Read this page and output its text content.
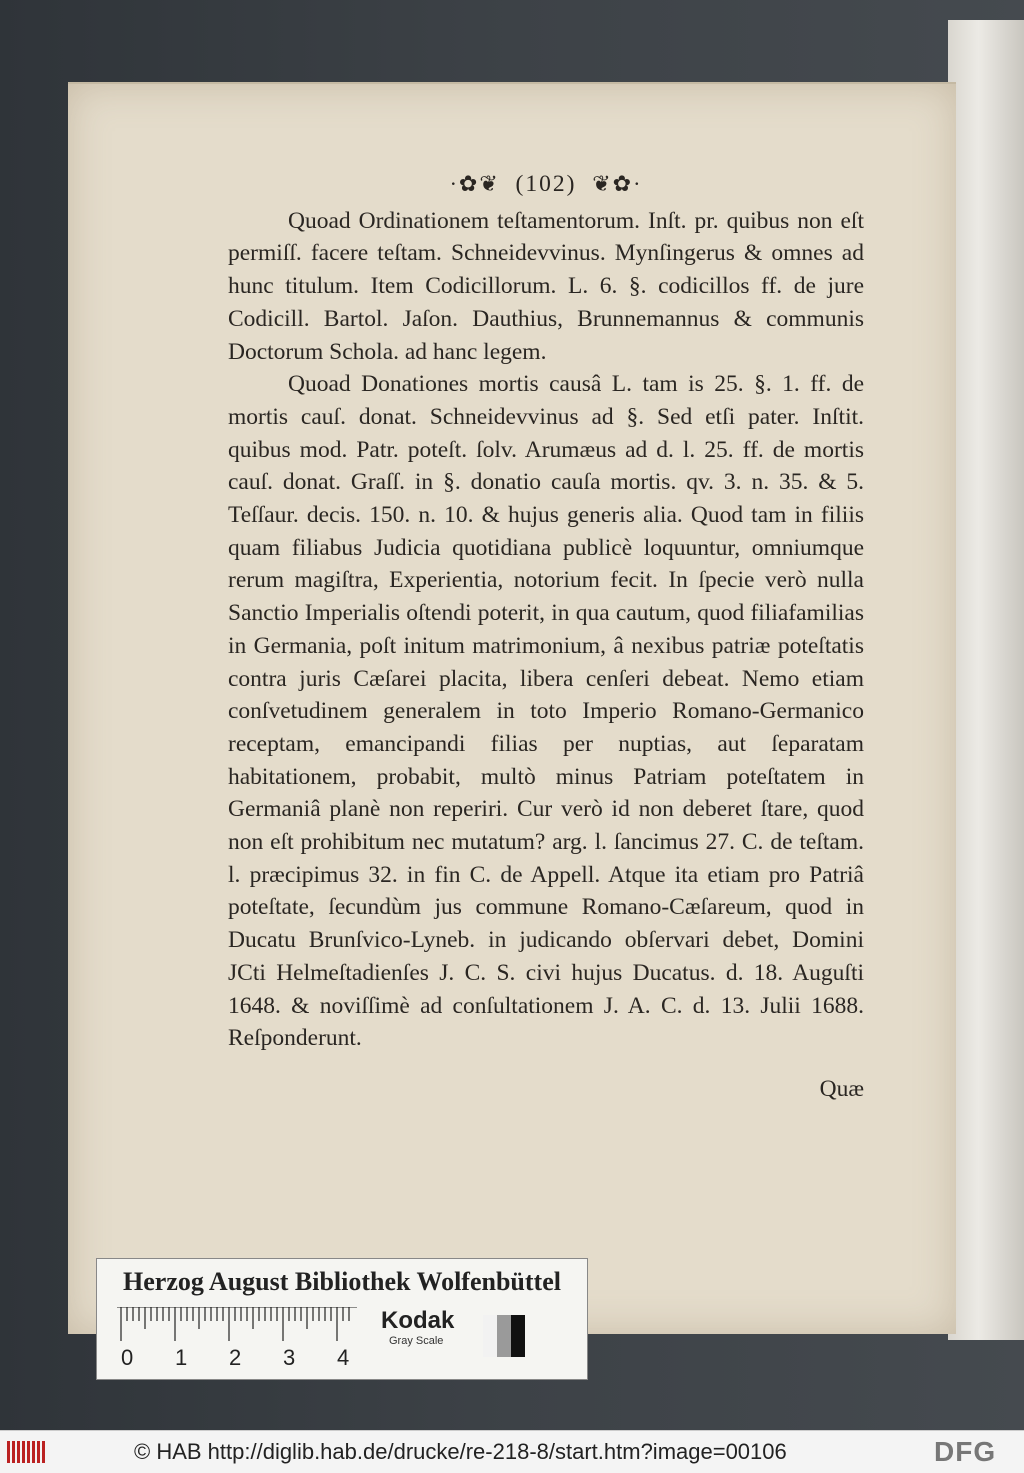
·✿❦ (102) ❦✿·

Quoad Ordinationem teſtamentorum. Inſt. pr. quibus non eſt permiſſ. facere teſtam. Schneidevvinus. Mynſingerus & omnes ad hunc titulum. Item Codicillorum. L. 6. §. codicillos ff. de jure Codicill. Bartol. Jaſon. Dauthius, Brunnemannus & communis Doctorum Schola. ad hanc legem.

Quoad Donationes mortis causâ L. tam is 25. §. 1. ff. de mortis cauſ. donat. Schneidevvinus ad §. Sed etſi pater. Inſtit. quibus mod. Patr. poteſt. ſolv. Arumæus ad d. l. 25. ff. de mortis cauſ. donat. Graſſ. in §. donatio cauſa mortis. qv. 3. n. 35. & 5. Teſſaur. decis. 150. n. 10. & hujus generis alia. Quod tam in filiis quam filiabus Judicia quotidiana publicè loquuntur, omniumque rerum magiſtra, Experientia, notorium fecit. In ſpecie verò nulla Sanctio Imperialis oſtendi poterit, in qua cautum, quod filiafamilias in Germania, poſt initum matrimonium, â nexibus patriæ poteſtatis contra juris Cæſarei placita, libera cenſeri debeat. Nemo etiam conſvetudinem generalem in toto Imperio Romano-Germanico receptam, emancipandi filias per nuptias, aut ſeparatam habitationem, probabit, multò minus Patriam poteſtatem in Germaniâ planè non reperiri. Cur verò id non deberet ſtare, quod non eſt prohibitum nec mutatum? arg. l. ſancimus 27. C. de teſtam. l. præcipimus 32. in fin C. de Appell. Atque ita etiam pro Patriâ poteſtate, ſecundùm jus commune Romano-Cæſareum, quod in Ducatu Brunſvico-Lyneb. in judicando obſervari debet, Domini JCti Helmeſtadienſes J. C. S. civi hujus Ducatus. d. 18. Auguſti 1648. & noviſſimè ad conſultationem J. A. C. d. 13. Julii 1688. Reſponderunt.

Quæ
Herzog August Bibliothek Wolfenbüttel
0 1 2 3 4
Kodak
Gray Scale
© HAB http://diglib.hab.de/drucke/re-218-8/start.htm?image=00106	DFG
